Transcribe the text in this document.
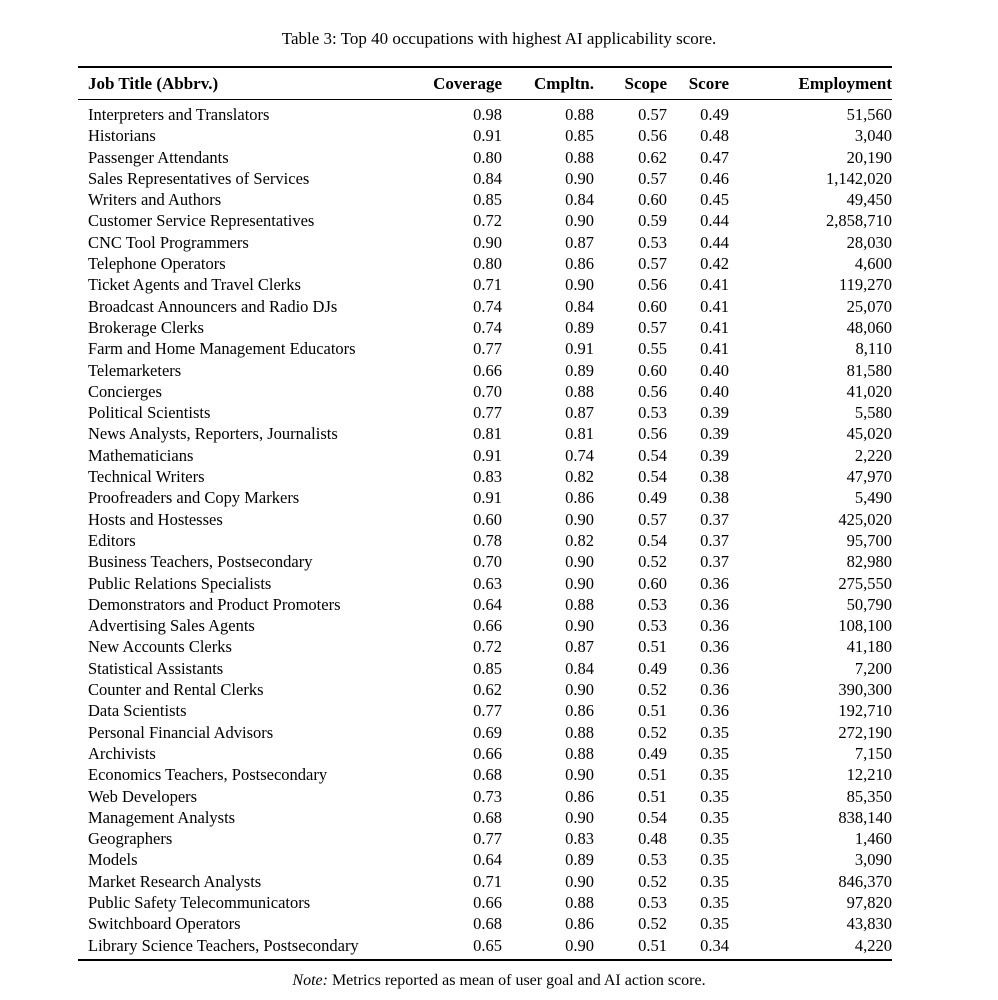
Table 3: Top 40 occupations with highest AI applicability score.
Job Title (Abbrv.)	Coverage	Cmpltn.	Scope	Score	Employment
Interpreters and Translators	0.98	0.88	0.57	0.49	51,560
Historians	0.91	0.85	0.56	0.48	3,040
Passenger Attendants	0.80	0.88	0.62	0.47	20,190
Sales Representatives of Services	0.84	0.90	0.57	0.46	1,142,020
Writers and Authors	0.85	0.84	0.60	0.45	49,450
Customer Service Representatives	0.72	0.90	0.59	0.44	2,858,710
CNC Tool Programmers	0.90	0.87	0.53	0.44	28,030
Telephone Operators	0.80	0.86	0.57	0.42	4,600
Ticket Agents and Travel Clerks	0.71	0.90	0.56	0.41	119,270
Broadcast Announcers and Radio DJs	0.74	0.84	0.60	0.41	25,070
Brokerage Clerks	0.74	0.89	0.57	0.41	48,060
Farm and Home Management Educators	0.77	0.91	0.55	0.41	8,110
Telemarketers	0.66	0.89	0.60	0.40	81,580
Concierges	0.70	0.88	0.56	0.40	41,020
Political Scientists	0.77	0.87	0.53	0.39	5,580
News Analysts, Reporters, Journalists	0.81	0.81	0.56	0.39	45,020
Mathematicians	0.91	0.74	0.54	0.39	2,220
Technical Writers	0.83	0.82	0.54	0.38	47,970
Proofreaders and Copy Markers	0.91	0.86	0.49	0.38	5,490
Hosts and Hostesses	0.60	0.90	0.57	0.37	425,020
Editors	0.78	0.82	0.54	0.37	95,700
Business Teachers, Postsecondary	0.70	0.90	0.52	0.37	82,980
Public Relations Specialists	0.63	0.90	0.60	0.36	275,550
Demonstrators and Product Promoters	0.64	0.88	0.53	0.36	50,790
Advertising Sales Agents	0.66	0.90	0.53	0.36	108,100
New Accounts Clerks	0.72	0.87	0.51	0.36	41,180
Statistical Assistants	0.85	0.84	0.49	0.36	7,200
Counter and Rental Clerks	0.62	0.90	0.52	0.36	390,300
Data Scientists	0.77	0.86	0.51	0.36	192,710
Personal Financial Advisors	0.69	0.88	0.52	0.35	272,190
Archivists	0.66	0.88	0.49	0.35	7,150
Economics Teachers, Postsecondary	0.68	0.90	0.51	0.35	12,210
Web Developers	0.73	0.86	0.51	0.35	85,350
Management Analysts	0.68	0.90	0.54	0.35	838,140
Geographers	0.77	0.83	0.48	0.35	1,460
Models	0.64	0.89	0.53	0.35	3,090
Market Research Analysts	0.71	0.90	0.52	0.35	846,370
Public Safety Telecommunicators	0.66	0.88	0.53	0.35	97,820
Switchboard Operators	0.68	0.86	0.52	0.35	43,830
Library Science Teachers, Postsecondary	0.65	0.90	0.51	0.34	4,220
Note: Metrics reported as mean of user goal and AI action score.
